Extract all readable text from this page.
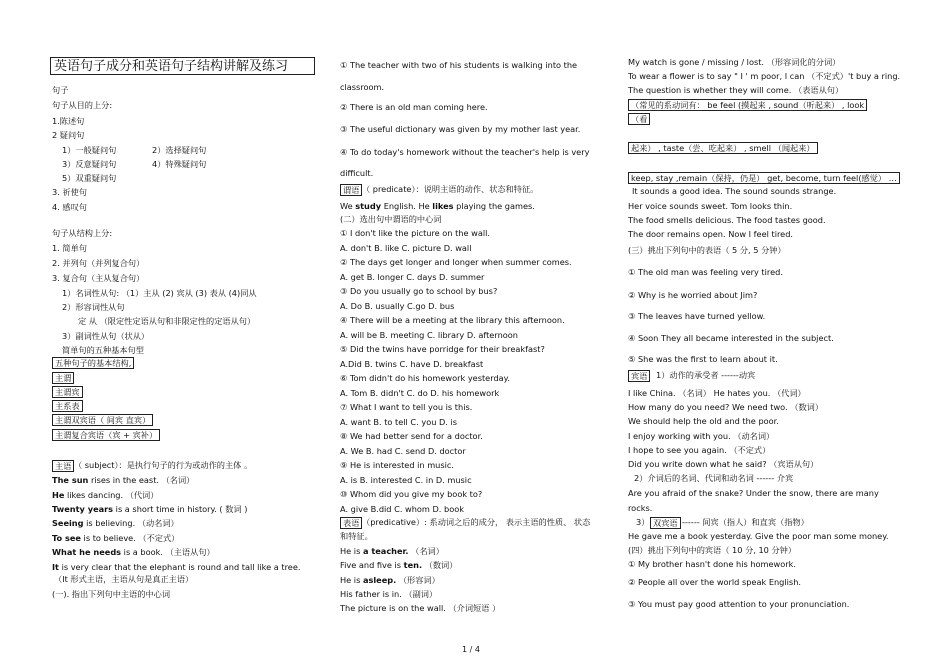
英语句子成分和英语句子结构讲解及练习
句子
句子从目的上分:
1.陈述句
2 疑问句
1）一般疑问句	2）选择疑问句
3）反意疑问句	4）特殊疑问句
5）双重疑问句
3. 祈使句
4. 感叹句
句子从结构上分:
1. 简单句
2. 并列句（并列复合句）
3. 复合句（主从复合句）
1）名词性从句: （1）主从 (2) 宾从 (3) 表从 (4)同从
2）形容词性从句
定 从 （限定性定语从句和非限定性的定语从句）
3）副词性从句（状从）
简单句的五种基本句型
五种句子的基本结构,
主谓
主谓宾
主系表
主谓双宾语（ 间宾 直宾）
主谓复合宾语（宾 + 宾补）
主语 （ subject）：是执行句子的行为或动作的主体 。
The sun rises in the east. （名词）
He likes dancing. （代词）
Twenty years is a short time in history. ( 数词 )
Seeing is believing. （动名词）
To see is to believe. （不定式）
What he needs is a book. （主语从句）
It is very clear that the elephant is round and tall like a tree.
（It 形式主语，主语从句是真正主语）
(一). 指出下列句中主语的中心词
① The teacher with two of his students is walking into the
classroom.
② There is an old man coming here.
③ The useful dictionary was given by my mother last year.
④ To do today's homework without the teacher's help is very
difficult.
谓语 （ predicate）：说明主语的动作、状态和特征。
We study English. He likes playing the games.
(二）选出句中谓语的中心词
① I don't like the picture on the wall.
A. don't B. like C. picture D. wall
② The days get longer and longer when summer comes.
A. get B. longer C. days D. summer
③ Do you usually go to school by bus?
A. Do B. usually C.go D. bus
④ There will be a meeting at the library this afternoon.
A. will be B. meeting C. library D. afternoon
⑤ Did the twins have porridge for their breakfast?
A.Did B. twins C. have D. breakfast
⑥ Tom didn't do his homework yesterday.
A. Tom B. didn't C. do D. his homework
⑦ What I want to tell you is this.
A. want B. to tell C. you D. is
⑧ We had better send for a doctor.
A. We B. had C. send D. doctor
⑨ He is interested in music.
A. is B. interested C. in D. music
⑩ Whom did you give my book to?
A. give B.did C. whom D. book
表语 （predicative）: 系动词之后的成分， 表示主语的性质、 状态
和特征。
He is a teacher. （名词）
Five and five is ten. （数词）
He is asleep. （形容词）
His father is in. （副词）
The picture is on the wall. （介词短语 ）
My watch is gone / missing / lost. （形容词化的分词）
To wear a flower is to say " I ' m poor, I can （不定式）'t buy a ring.
The question is whether they will come. （表语从句）
（常见的系动词有： be feel (摸起来 , sound（听起来） , look
（看
起来） , taste（尝、吃起来） , smell （闻起来）
keep, stay ,remain（保持，仍是） get, become, turn feel(感觉） …
It sounds a good idea. The sound sounds strange.
Her voice sounds sweet. Tom looks thin.
The food smells delicious. The food tastes good.
The door remains open. Now I feel tired.
(三）挑出下列句中的表语（ 5 分, 5 分钟）
① The old man was feeling very tired.
② Why is he worried about Jim?
③ The leaves have turned yellow.
④ Soon They all became interested in the subject.
⑤ She was the first to learn about it.
宾语	1）动作的承受者 ------动宾
I like China. （名词） He hates you. （代词）
How many do you need? We need two. （数词）
We should help the old and the poor.
I enjoy working with you. （动名词）
I hope to see you again. （不定式）
Did you write down what he said? （宾语从句）
2）介词后的名词、代词和动名词 ------ 介宾
Are you afraid of the snake? Under the snow, there are many
rocks.
3） 双宾语 ------ 间宾（指人）和直宾（指物）
He gave me a book yesterday. Give the poor man some money.
(四）挑出下列句中的宾语（ 10 分, 10 分钟）
① My brother hasn't done his homework.
② People all over the world speak English.
③ You must pay good attention to your pronunciation.
1 / 4
